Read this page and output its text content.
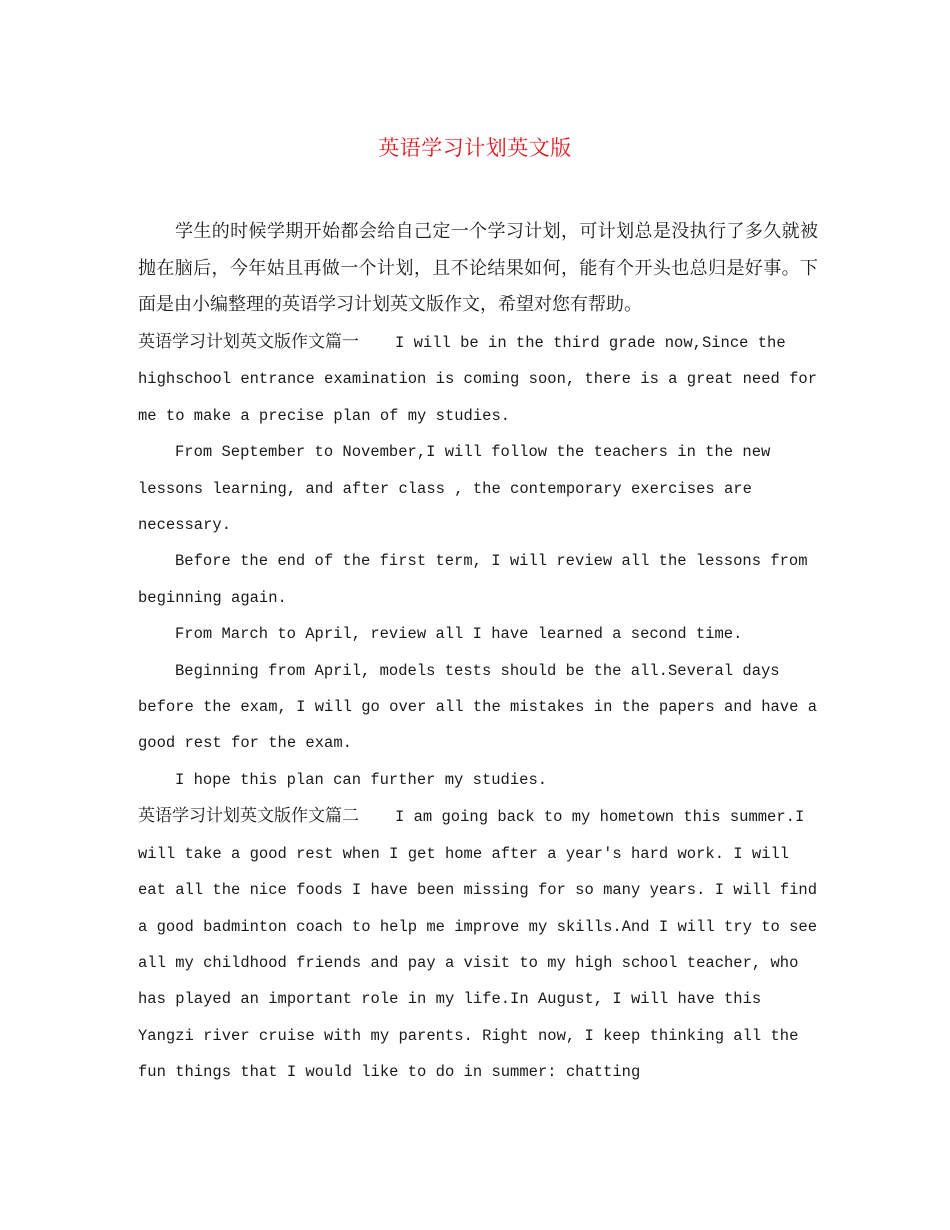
英语学习计划英文版

学生的时候学期开始都会给自己定一个学习计划，可计划总是没执行了多久就被抛在脑后，今年姑且再做一个计划，且不论结果如何，能有个开头也总归是好事。下面是由小编整理的英语学习计划英文版作文，希望对您有帮助。

英语学习计划英文版作文篇一 I will be in the third grade now,Since the highschool entrance examination is coming soon, there is a great need for me to make a precise plan of my studies.

From September to November,I will follow the teachers in the new lessons learning, and after class , the contemporary exercises are necessary.

Before the end of the first term, I will review all the lessons from beginning again.

From March to April, review all I have learned a second time.

Beginning from April, models tests should be the all.Several days before the exam, I will go over all the mistakes in the papers and have a good rest for the exam.

I hope this plan can further my studies.

英语学习计划英文版作文篇二 I am going back to my hometown this summer.I will take a good rest when I get home after a year's hard work. I will eat all the nice foods I have been missing for so many years. I will find a good badminton coach to help me improve my skills.And I will try to see all my childhood friends and pay a visit to my high school teacher, who has played an important role in my life.In August, I will have this Yangzi river cruise with my parents. Right now, I keep thinking all the fun things that I would like to do in summer: chatting
